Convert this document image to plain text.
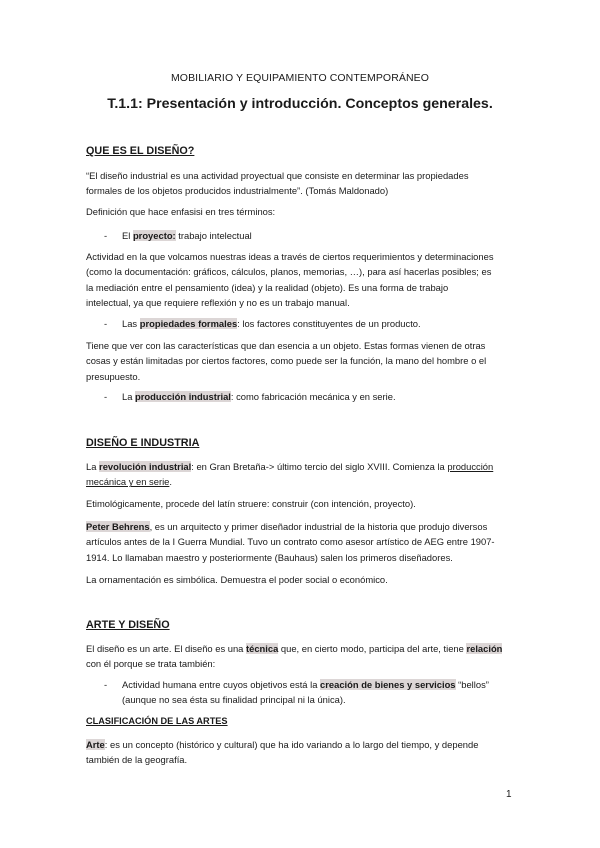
MOBILIARIO Y EQUIPAMIENTO CONTEMPORÁNEO
T.1.1: Presentación y introducción. Conceptos generales.
QUE ES EL DISEÑO?
“El diseño industrial es una actividad proyectual que consiste en determinar las propiedades
formales de los objetos producidos industrialmente”. (Tomás Maldonado)
Definición que hace enfasisi en tres términos:
- El proyecto: trabajo intelectual
Actividad en la que volcamos nuestras ideas a través de ciertos requerimientos y determinaciones
(como la documentación: gráficos, cálculos, planos, memorias, …), para así hacerlas posibles; es
la mediación entre el pensamiento (idea) y la realidad (objeto). Es una forma de trabajo
intelectual, ya que requiere reflexión y no es un trabajo manual.
- Las propiedades formales: los factores constituyentes de un producto.
Tiene que ver con las características que dan esencia a un objeto. Estas formas vienen de otras
cosas y están limitadas por ciertos factores, como puede ser la función, la mano del hombre o el
presupuesto.
- La producción industrial: como fabricación mecánica y en serie.
DISEÑO E INDUSTRIA
La revolución industrial: en Gran Bretaña-> último tercio del siglo XVIII. Comienza la producción
mecánica y en serie.
Etimológicamente, procede del latín struere: construir (con intención, proyecto).
Peter Behrens, es un arquitecto y primer diseñador industrial de la historia que produjo diversos
artículos antes de la I Guerra Mundial. Tuvo un contrato como asesor artístico de AEG entre 1907-
1914. Lo llamaban maestro y posteriormente (Bauhaus) salen los primeros diseñadores.
La ornamentación es simbólica. Demuestra el poder social o económico.
ARTE Y DISEÑO
El diseño es un arte. El diseño es una técnica que, en cierto modo, participa del arte, tiene relación
con él porque se trata también:
- Actividad humana entre cuyos objetivos está la creación de bienes y servicios “bellos”
(aunque no sea ésta su finalidad principal ni la única).
CLASIFICACIÓN DE LAS ARTES
Arte: es un concepto (histórico y cultural) que ha ido variando a lo largo del tiempo, y depende
también de la geografía.
1
